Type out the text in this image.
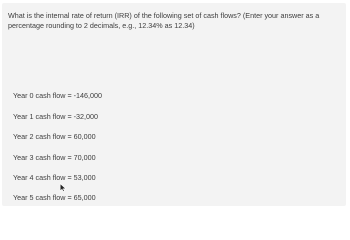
What is the internal rate of return (IRR) of the following set of cash flows? (Enter your answer as a percentage rounding to 2 decimals, e.g., 12.34% as 12.34)
Year 0 cash flow = -146,000
Year 1 cash flow = -32,000
Year 2 cash flow = 60,000
Year 3 cash flow = 70,000
Year 4 cash flow = 53,000
Year 5 cash flow = 65,000
